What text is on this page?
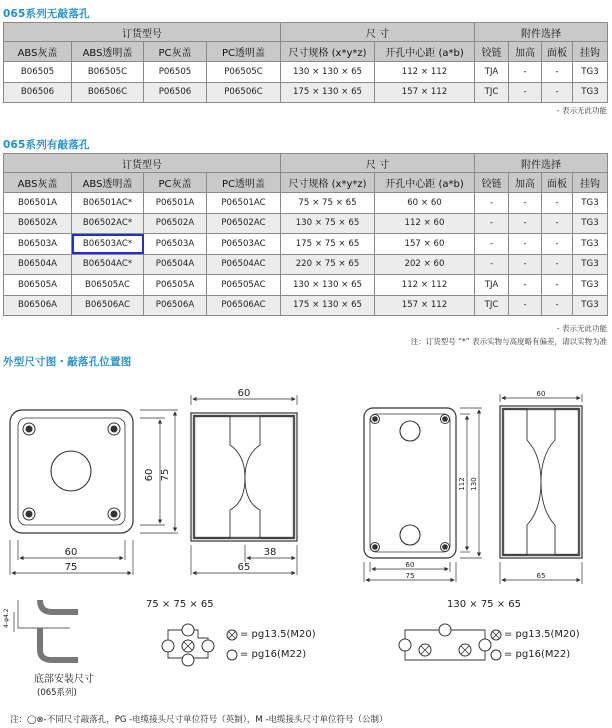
065系列无敲落孔
订货型号				尺 寸		附件选择			
ABS灰盖	ABS透明盖	PC灰盖	PC透明盖	尺寸规格 (x*y*z)	开孔中心距 (a*b)	铰链	加高	面板	挂钩
B06505	B06505C	P06505	P06505C	130 × 130 × 65	112 × 112	TJA	-	-	TG3
B06506	B06506C	P06506	P06506C	175 × 130 × 65	157 × 112	TJC	-	-	TG3
- 表示无此功能
065系列有敲落孔
订货型号				尺 寸		附件选择			
ABS灰盖	ABS透明盖	PC灰盖	PC透明盖	尺寸规格 (x*y*z)	开孔中心距 (a*b)	铰链	加高	面板	挂钩
B06501A	B06501AC*	P06501A	P06501AC	75 × 75 × 65	60 × 60	-	-	-	TG3
B06502A	B06502AC*	P06502A	P06502AC	130 × 75 × 65	112 × 60	-	-	-	TG3
B06503A	B06503AC*	P06503A	P06503AC	175 × 75 × 65	157 × 60	-	-	-	TG3
B06504A	B06504AC*	P06504A	P06504AC	220 × 75 × 65	202 × 60	-	-	-	TG3
B06505A	B06505AC	P06505A	P06505AC	130 × 130 × 65	112 × 112	TJA	-	-	TG3
B06506A	B06506AC	P06506A	P06506AC	175 × 130 × 65	157 × 112	TJC	-	-	TG3
- 表示无此功能
注：订货型号 “*” 表示实物与高度略有偏差，请以实物为准
外型尺寸图・敲落孔位置图
60
75
60 75
60
38
65	60
75
112 130
60
65
4-φ4.2
75 × 75 × 65	130 × 75 × 65
= pg13.5(M20)
= pg16(M22)
= pg13.5(M20)
= pg16(M22)
底部安装尺寸
(065系列)
注：◯⊗-不同尺寸敲落孔，PG -电缆接头尺寸单位符号（英制），M -电缆接头尺寸单位符号（公制）
